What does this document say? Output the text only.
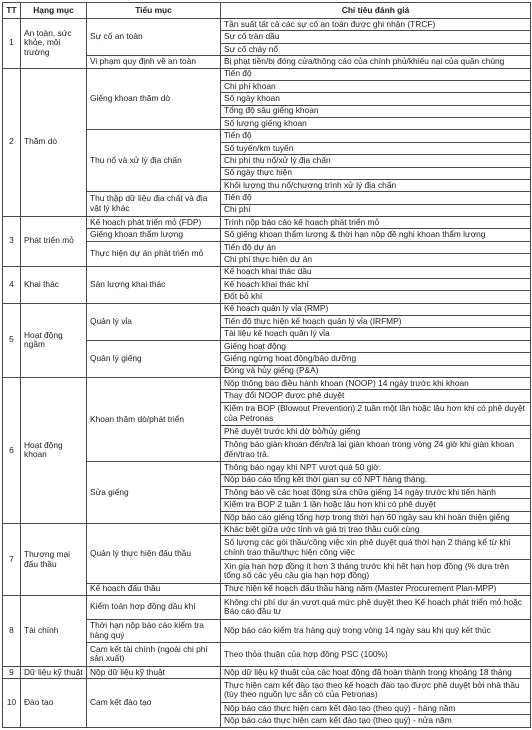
TT	Hạng mục	Tiểu mục	Chỉ tiêu đánh giá
1	An toàn, sức khỏe, môi trường	Sự cố an toàn	Tần suất tất cả các sự cố an toàn được ghi nhận (TRCF)
			Sự cố tràn dầu
			Sự cố cháy nổ
		Vi phạm quy định về an toàn	Bị phạt tiền/bị đóng cửa/thông cáo của chính phủ/khiếu nại của quần chúng
2	Thăm dò	Giếng khoan thăm dò	Tiến độ
			Chi phí khoan
			Số ngày khoan
			Tổng độ sâu giếng khoan
			Số lượng giếng khoan
		Thu nổ và xử lý địa chấn	Tiến độ
			Số tuyến/km tuyến
			Chi phí thu nổ/xử lý địa chấn
			Số ngày thực hiện
			Khối lượng thu nổ/chương trình xử lý địa chấn
		Thu thập dữ liệu địa chất và địa vật lý khác	Tiến độ
			Chi phí
3	Phát triển mỏ	Kế hoạch phát triển mỏ (FDP)	Trình nộp báo cáo kế hoạch phát triển mỏ
		Giếng khoan thẩm lượng	Số giếng khoan thẩm lượng & thời hạn nộp đề nghị khoan thẩm lượng
		Thực hiện dự án phát triển mỏ	Tiến độ dự án
			Chi phí thực hiện dự án
4	Khai thác	Sản lượng khai thác	Kế hoạch khai thác dầu
			Kế hoạch khai thác khí
			Đốt bỏ khí
5	Hoạt động ngầm	Quản lý vỉa	Kế hoạch quản lý vỉa (RMP)
			Tiến độ thực hiện kế hoạch quản lý vỉa (IRFMP)
			Tài liệu kế hoạch quản lý vỉa
		Quản lý giếng	Giếng hoạt động
			Giếng ngừng hoạt động/bảo dưỡng
			Đóng và hủy giếng (P&A)
6	Hoạt động khoan	Khoan thăm dò/phát triển	Nộp thông báo điều hành khoan (NOOP) 14 ngày trước khi khoan
			Thay đổi NOOP được phê duyệt
			Kiểm tra BOP (Blowout Prevention) 2 tuần một lần hoặc lâu hơn khi có phê duyệt của Petronas
			Phê duyệt trước khi dờ bỏ/hủy giếng
			Thông báo giàn khoan đến/trả lại giàn khoan trong vòng 24 giờ khi giàn khoan đến/trao trả.
		Sửa giếng	Thông báo ngay khi NPT vượt quá 50 giờ.
			Nộp báo cáo tổng kết thời gian sự cố NPT hàng tháng.
			Thông báo về các hoạt động sửa chữa giếng 14 ngày trước khi tiến hành
			Kiểm tra BOP 2 tuần 1 lần hoặc lâu hơn khi có phê duyệt
			Nộp báo cáo giếng tổng hợp trong thời hạn 60 ngày sau khi hoàn thiện giếng
7	Thương mại đấu thầu	Quản lý thực hiện đấu thầu	Khác biệt giữa ước tính và giá trị trao thầu cuối cùng
			Số lượng các gói thầu/công việc xin phê duyệt quá thời hạn 2 tháng kể từ khi chính trao thầu/thực hiện công việc
			Xin gia hạn hợp đồng ít hơn 3 tháng trước khi hết hạn hợp đồng (% dựa trên tổng số các yêu cầu gia hạn hợp đồng)
		Kế hoạch đấu thầu	Thực hiện kế hoạch đấu thầu hàng năm (Master Procurement Plan-MPP)
8	Tài chính	Kiểm toán hợp đồng dầu khí	Không chi phí dự án vượt quá mức phê duyệt theo Kế hoạch phát triển mỏ hoặc Báo cáo đầu tư
		Thời hạn nộp báo cáo kiểm tra hàng quý	Nộp báo cáo kiểm tra hàng quý trong vòng 14 ngày sau khi quý kết thúc
		Cam kết tài chính (ngoài chi phí sản xuất)	Theo thỏa thuận của hợp đồng PSC (100%)
9	Dữ liệu kỹ thuật	Nộp dữ liệu kỹ thuật	Nộp dữ liệu kỹ thuật của các hoạt động đã hoàn thành trong khoảng 18 tháng
10	Đào tạo	Cam kết đào tạo	Thực hiện cam kết đào tạo theo kế hoạch đào tạo được phê duyệt bởi nhà thầu (tùy theo nguồn lực sẵn có của Petronas)
			Nộp báo cáo thực hiện cam kết đào tạo (theo quý) - hàng năm
			Nộp báo cáo thực hiện cam kết đào tạo (theo quý) - nửa năm
